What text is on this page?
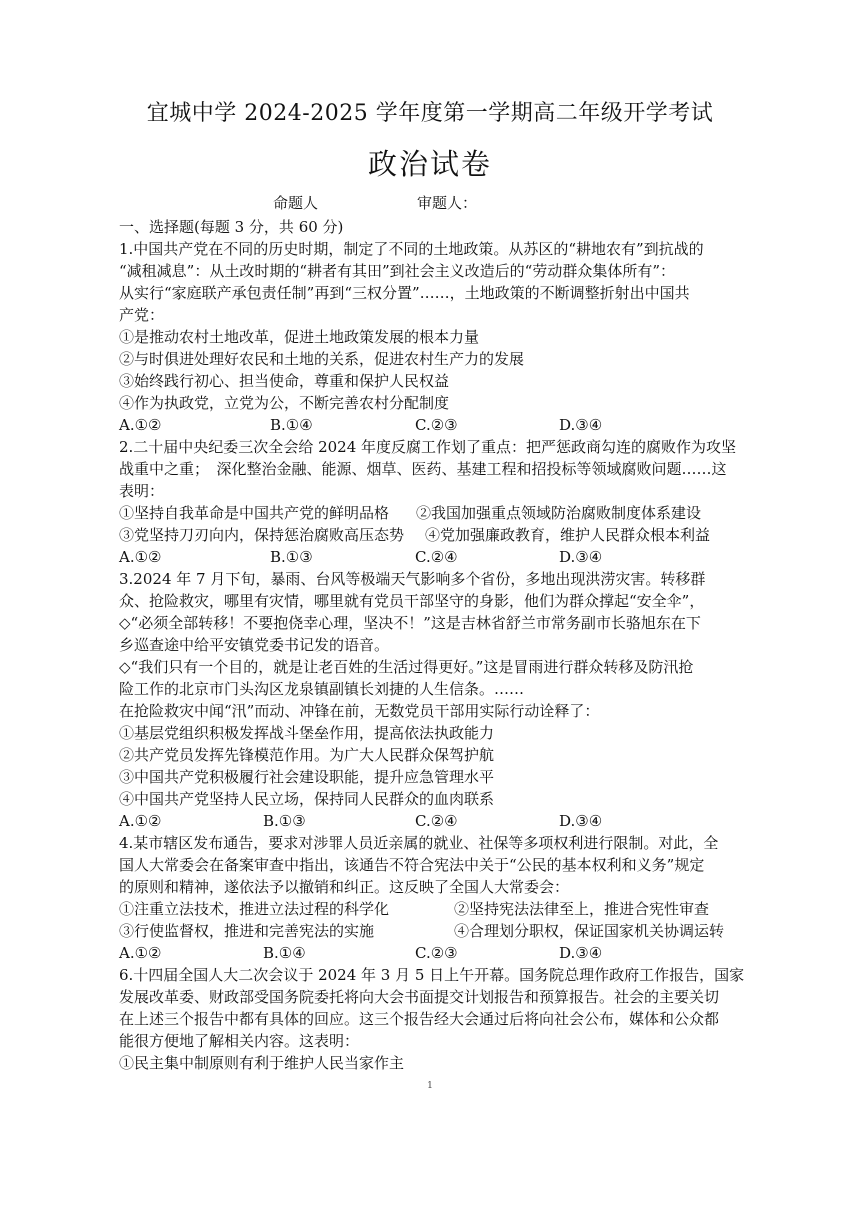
宜城中学 2024-2025 学年度第一学期高二年级开学考试
政治试卷
命题人	审题人：
一、选择题(每题 3 分，共 60 分)
1.中国共产党在不同的历史时期，制定了不同的土地政策。从苏区的“耕地农有”到抗战的
“减租减息”：从土改时期的“耕者有其田”到社会主义改造后的“劳动群众集体所有”：
从实行“家庭联产承包责任制”再到“三权分置”……，土地政策的不断调整折射出中国共
产党：
①是推动农村土地改革，促进土地政策发展的根本力量
②与时俱进处理好农民和土地的关系，促进农村生产力的发展
③始终践行初心、担当使命，尊重和保护人民权益
④作为执政党，立党为公，不断完善农村分配制度
A.①②	B.①④	C.②③	D.③④
2.二十届中央纪委三次全会给 2024 年度反腐工作划了重点：把严惩政商勾连的腐败作为攻坚
战重中之重；　深化整治金融、能源、烟草、医药、基建工程和招投标等领域腐败问题……这
表明：
①坚持自我革命是中国共产党的鲜明品格 ②我国加强重点领域防治腐败制度体系建设
③党坚持刀刃向内，保持惩治腐败高压态势 ④党加强廉政教育，维护人民群众根本利益
A.①②	B.①③	C.②④	D.③④
3.2024 年 7 月下旬，暴雨、台风等极端天气影响多个省份，多地出现洪涝灾害。转移群
众、抢险救灾，哪里有灾情，哪里就有党员干部坚守的身影，他们为群众撑起“安全伞”，
◇“必须全部转移！不要抱侥幸心理，坚决不！”这是吉林省舒兰市常务副市长骆旭东在下
乡巡查途中给平安镇党委书记发的语音。
◇“我们只有一个目的，就是让老百姓的生活过得更好。”这是冒雨进行群众转移及防汛抢
险工作的北京市门头沟区龙泉镇副镇长刘捷的人生信条。……
在抢险救灾中闻“汛”而动、冲锋在前，无数党员干部用实际行动诠释了：
①基层党组织积极发挥战斗堡垒作用，提高依法执政能力
②共产党员发挥先锋模范作用。为广大人民群众保驾护航
③中国共产党积极履行社会建设职能，提升应急管理水平
④中国共产党坚持人民立场，保持同人民群众的血肉联系
A.①②	B.①③	C.②④	D.③④
4.某市辖区发布通告，要求对涉罪人员近亲属的就业、社保等多项权利进行限制。对此，全
国人大常委会在备案审查中指出，该通告不符合宪法中关于“公民的基本权利和义务”规定
的原则和精神，遂依法予以撤销和纠正。这反映了全国人大常委会：
①注重立法技术，推进立法过程的科学化	②坚持宪法法律至上，推进合宪性审查
③行使监督权，推进和完善宪法的实施	④合理划分职权，保证国家机关协调运转
A.①②	B.①④	C.②③	D.③④
6.十四届全国人大二次会议于 2024 年 3 月 5 日上午开幕。国务院总理作政府工作报告，国家
发展改革委、财政部受国务院委托将向大会书面提交计划报告和预算报告。社会的主要关切
在上述三个报告中都有具体的回应。这三个报告经大会通过后将向社会公布，媒体和公众都
能很方便地了解相关内容。这表明：
①民主集中制原则有利于维护人民当家作主
1
